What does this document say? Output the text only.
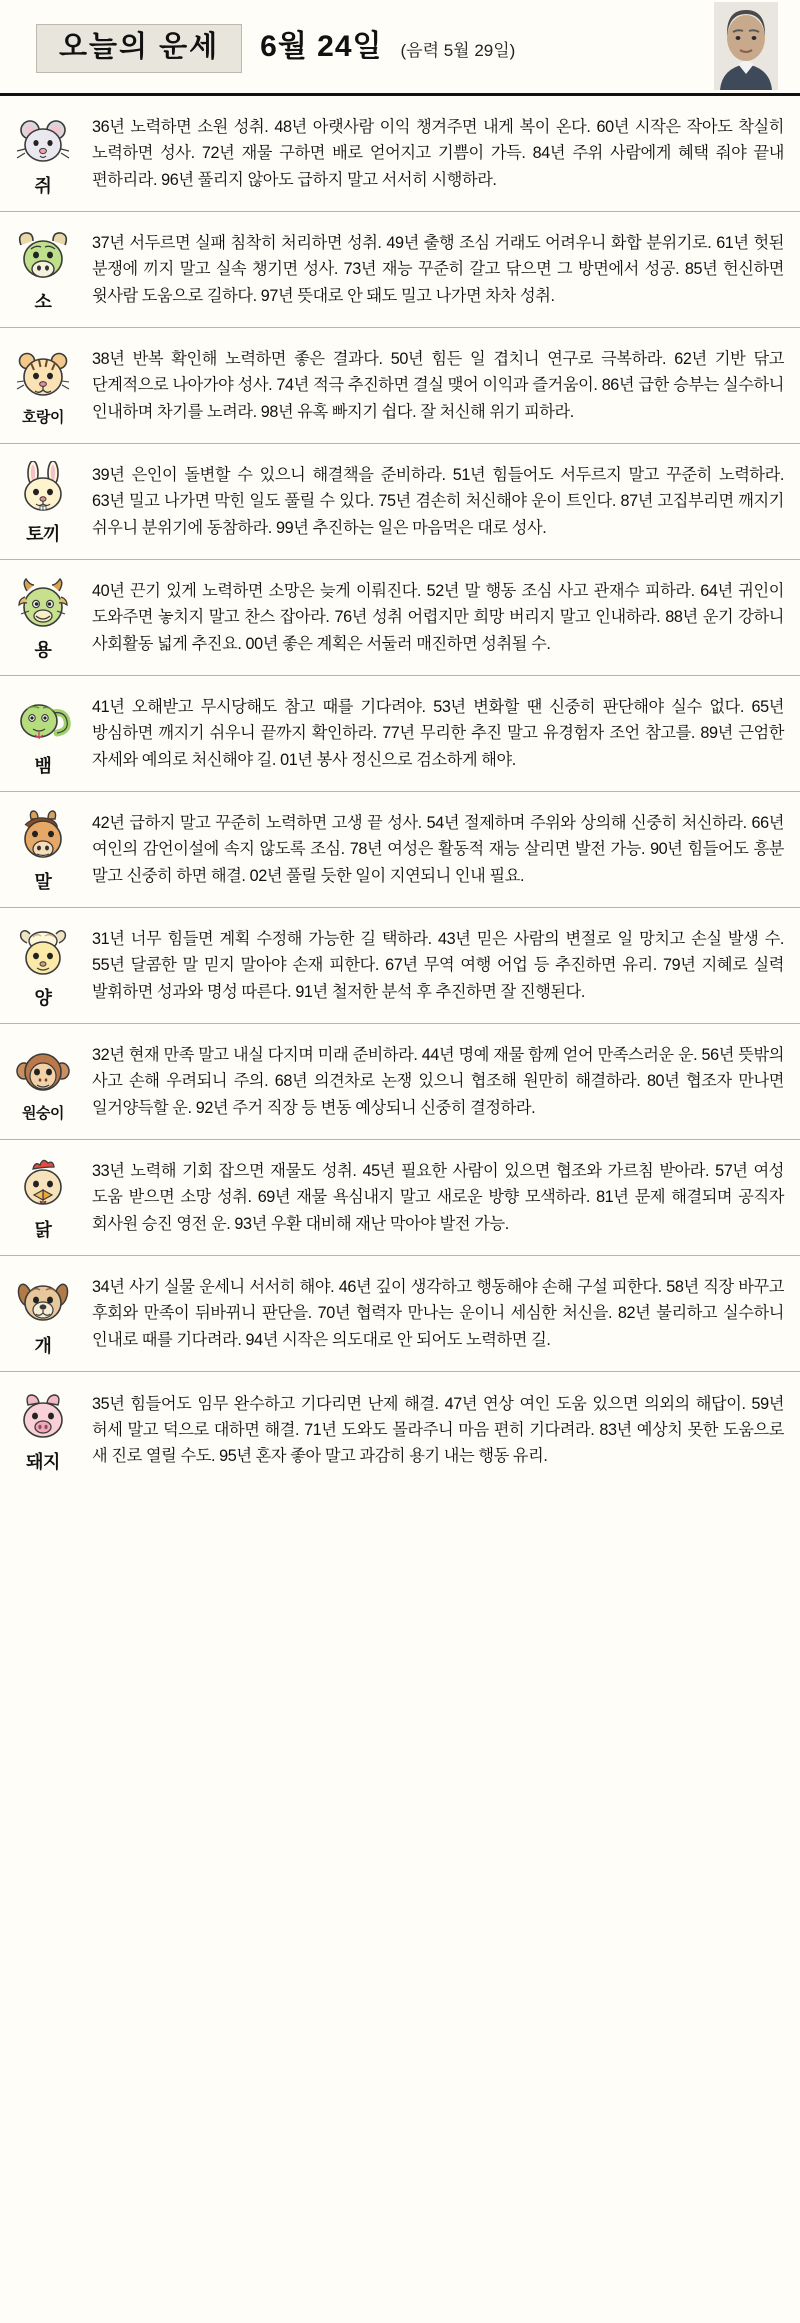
오늘의 운세	6월 24일 (음력 5월 29일)
쥐
36년 노력하면 소원 성취. 48년 아랫사람 이익 챙겨주면 내게 복이 온다. 60년 시작은 작아도 착실히 노력하면 성사. 72년 재물 구하면 배로 얻어지고 기쁨이 가득. 84년 주위 사람에게 혜택 줘야 끝내 편하리라. 96년 풀리지 않아도 급하지 말고 서서히 시행하라.
소
37년 서두르면 실패 침착히 처리하면 성취. 49년 출행 조심 거래도 어려우니 화합 분위기로. 61년 헛된 분쟁에 끼지 말고 실속 챙기면 성사. 73년 재능 꾸준히 갈고 닦으면 그 방면에서 성공. 85년 헌신하면 윗사람 도움으로 길하다. 97년 뜻대로 안 돼도 밀고 나가면 차차 성취.
호랑이
38년 반복 확인해 노력하면 좋은 결과다. 50년 힘든 일 겹치니 연구로 극복하라. 62년 기반 닦고 단계적으로 나아가야 성사. 74년 적극 추진하면 결실 맺어 이익과 즐거움이. 86년 급한 승부는 실수하니 인내하며 차기를 노려라. 98년 유혹 빠지기 쉽다. 잘 처신해 위기 피하라.
토끼
39년 은인이 돌변할 수 있으니 해결책을 준비하라. 51년 힘들어도 서두르지 말고 꾸준히 노력하라. 63년 밀고 나가면 막힌 일도 풀릴 수 있다. 75년 겸손히 처신해야 운이 트인다. 87년 고집부리면 깨지기 쉬우니 분위기에 동참하라. 99년 추진하는 일은 마음먹은 대로 성사.
용
40년 끈기 있게 노력하면 소망은 늦게 이뤄진다. 52년 말 행동 조심 사고 관재수 피하라. 64년 귀인이 도와주면 놓치지 말고 찬스 잡아라. 76년 성취 어렵지만 희망 버리지 말고 인내하라. 88년 운기 강하니 사회활동 넓게 추진요. 00년 좋은 계획은 서둘러 매진하면 성취될 수.
뱀
41년 오해받고 무시당해도 참고 때를 기다려야. 53년 변화할 땐 신중히 판단해야 실수 없다. 65년 방심하면 깨지기 쉬우니 끝까지 확인하라. 77년 무리한 추진 말고 유경험자 조언 참고를. 89년 근엄한 자세와 예의로 처신해야 길. 01년 봉사 정신으로 검소하게 해야.
말
42년 급하지 말고 꾸준히 노력하면 고생 끝 성사. 54년 절제하며 주위와 상의해 신중히 처신하라. 66년 여인의 감언이설에 속지 않도록 조심. 78년 여성은 활동적 재능 살리면 발전 가능. 90년 힘들어도 흥분 말고 신중히 하면 해결. 02년 풀릴 듯한 일이 지연되니 인내 필요.
양
31년 너무 힘들면 계획 수정해 가능한 길 택하라. 43년 믿은 사람의 변절로 일 망치고 손실 발생 수. 55년 달콤한 말 믿지 말아야 손재 피한다. 67년 무역 여행 어업 등 추진하면 유리. 79년 지혜로 실력 발휘하면 성과와 명성 따른다. 91년 철저한 분석 후 추진하면 잘 진행된다.
원숭이
32년 현재 만족 말고 내실 다지며 미래 준비하라. 44년 명예 재물 함께 얻어 만족스러운 운. 56년 뜻밖의 사고 손해 우려되니 주의. 68년 의견차로 논쟁 있으니 협조해 원만히 해결하라. 80년 협조자 만나면 일거양득할 운. 92년 주거 직장 등 변동 예상되니 신중히 결정하라.
닭
33년 노력해 기회 잡으면 재물도 성취. 45년 필요한 사람이 있으면 협조와 가르침 받아라. 57년 여성 도움 받으면 소망 성취. 69년 재물 욕심내지 말고 새로운 방향 모색하라. 81년 문제 해결되며 공직자 회사원 승진 영전 운. 93년 우환 대비해 재난 막아야 발전 가능.
개
34년 사기 실물 운세니 서서히 해야. 46년 깊이 생각하고 행동해야 손해 구설 피한다. 58년 직장 바꾸고 후회와 만족이 뒤바뀌니 판단을. 70년 협력자 만나는 운이니 세심한 처신을. 82년 불리하고 실수하니 인내로 때를 기다려라. 94년 시작은 의도대로 안 되어도 노력하면 길.
돼지
35년 힘들어도 임무 완수하고 기다리면 난제 해결. 47년 연상 여인 도움 있으면 의외의 해답이. 59년 허세 말고 덕으로 대하면 해결. 71년 도와도 몰라주니 마음 편히 기다려라. 83년 예상치 못한 도움으로 새 진로 열릴 수도. 95년 혼자 좋아 말고 과감히 용기 내는 행동 유리.
